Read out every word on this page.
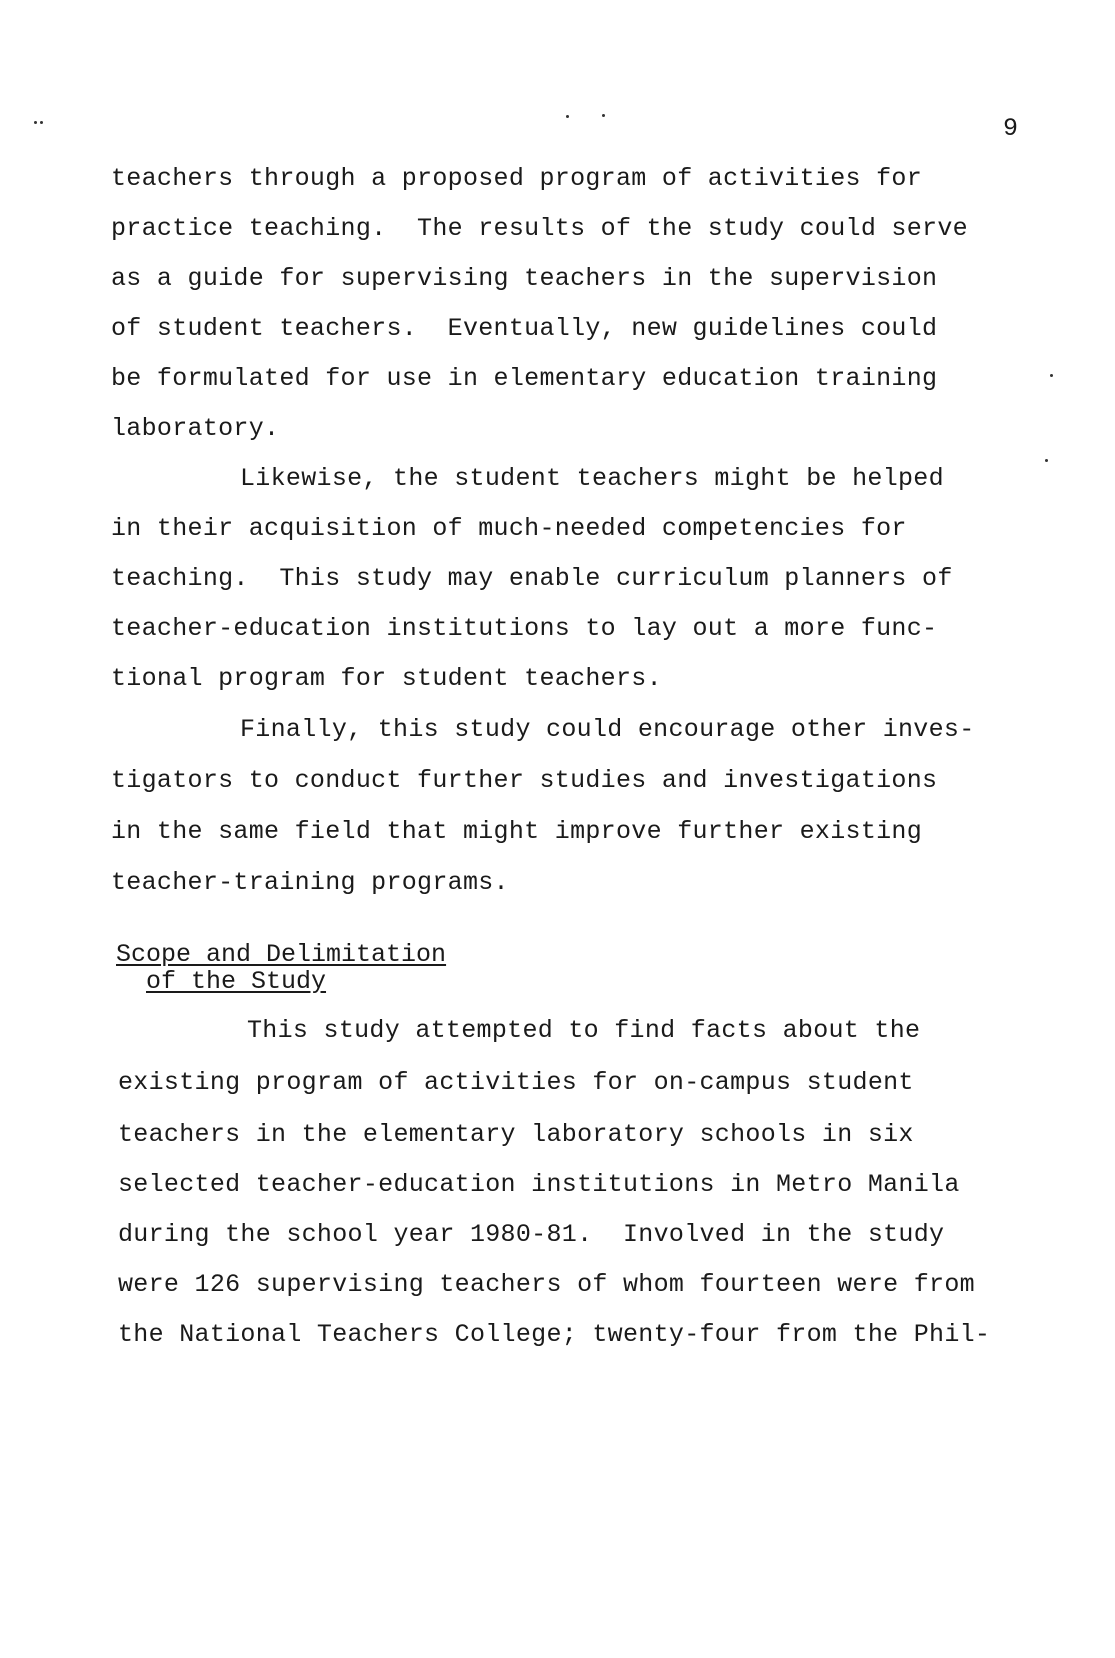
9
teachers through a proposed program of activities for
practice teaching.  The results of the study could serve
as a guide for supervising teachers in the supervision
of student teachers.  Eventually, new guidelines could
be formulated for use in elementary education training
laboratory.
Likewise, the student teachers might be helped
in their acquisition of much-needed competencies for
teaching.  This study may enable curriculum planners of
teacher-education institutions to lay out a more func-
tional program for student teachers.
Finally, this study could encourage other inves-
tigators to conduct further studies and investigations
in the same field that might improve further existing
teacher-training programs.
Scope and Delimitation
of the Study
This study attempted to find facts about the
existing program of activities for on-campus student
teachers in the elementary laboratory schools in six
selected teacher-education institutions in Metro Manila
during the school year 1980-81.  Involved in the study
were 126 supervising teachers of whom fourteen were from
the National Teachers College; twenty-four from the Phil-
